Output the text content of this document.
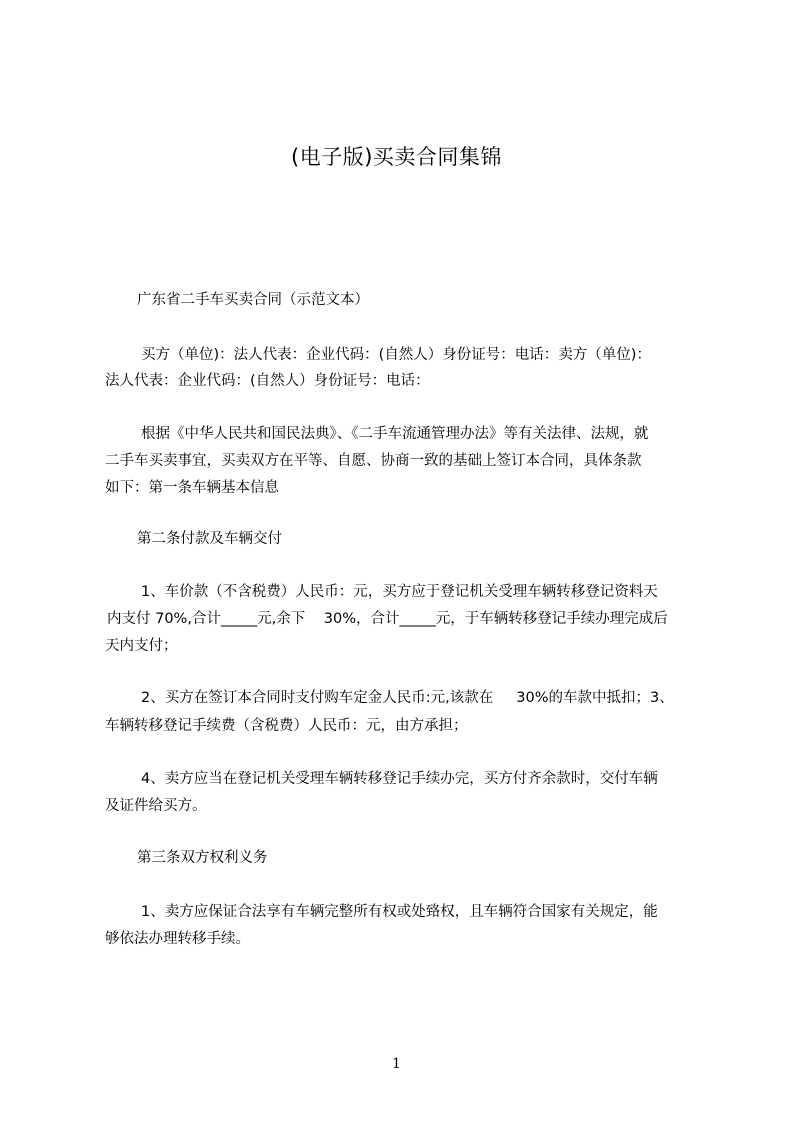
(电子版)买卖合同集锦
广东省二手车买卖合同（示范文本）
买方（单位)：法人代表：企业代码：(自然人）身份证号：电话：卖方（单位)：
法人代表：企业代码：(自然人）身份证号：电话：
根据《中华人民共和国民法典》、《二手车流通管理办法》等有关法律、法规，就
二手车买卖事宜，买卖双方在平等、自愿、协商一致的基础上签订本合同，具体条款
如下：第一条车辆基本信息
第二条付款及车辆交付
1、车价款（不含税费）人民币：元，买方应于登记机关受理车辆转移登记资料天
内支付 70%,合计_____元,余下    30%，合计_____元，于车辆转移登记手续办理完成后
天内支付；
2、买方在签订本合同时支付购车定金人民币:元,该款在     30%的车款中抵扣；3、
车辆转移登记手续费（含税费）人民币：元，由方承担；
4、卖方应当在登记机关受理车辆转移登记手续办完，买方付齐余款时，交付车辆
及证件给买方。
第三条双方权利义务
1、卖方应保证合法享有车辆完整所有权或处臵权，且车辆符合国家有关规定，能
够依法办理转移手续。
1
